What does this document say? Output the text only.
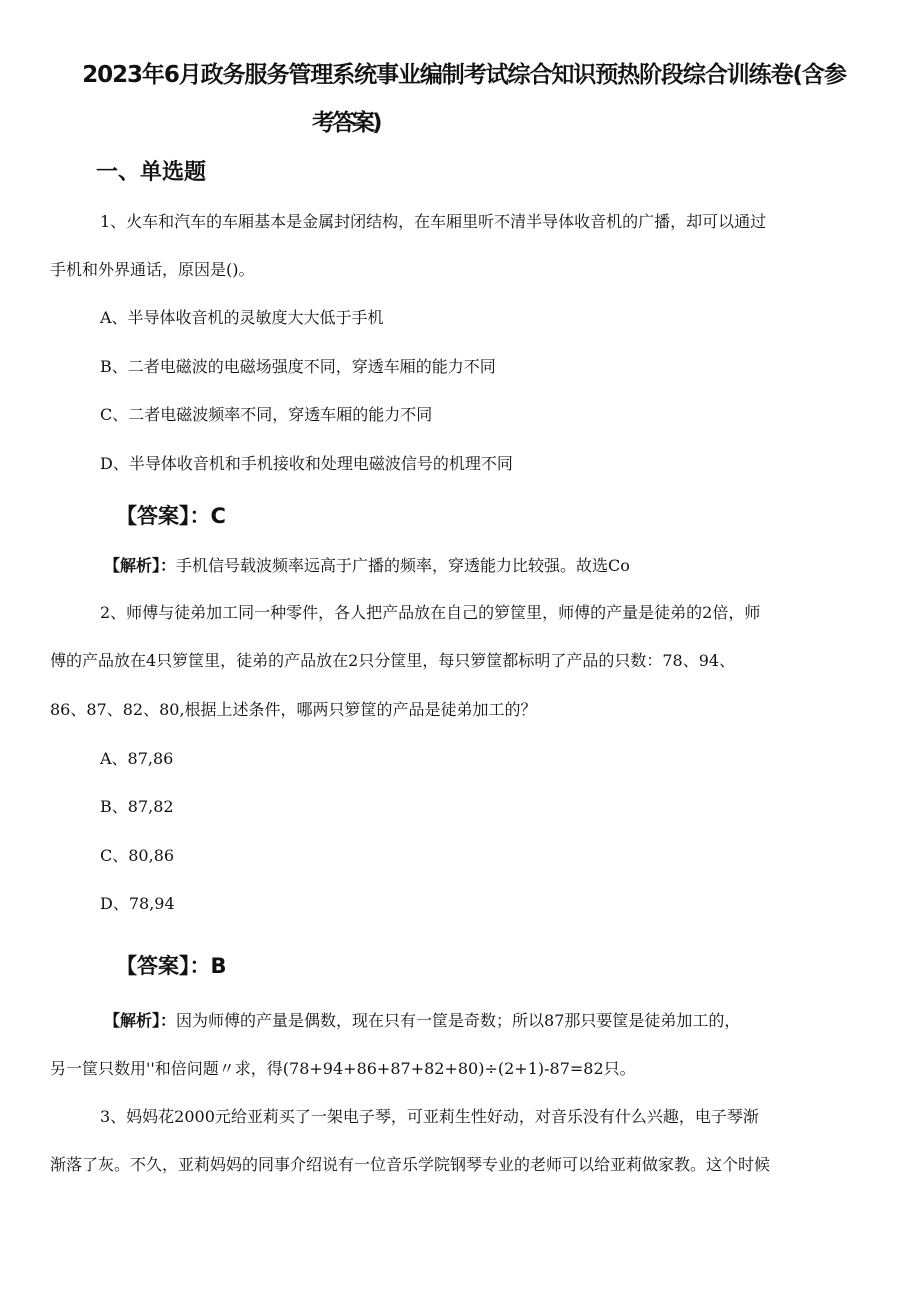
2023年6月政务服务管理系统事业编制考试综合知识预热阶段综合训练卷(含参
考答案)
一、单选题
1、火车和汽车的车厢基本是金属封闭结构，在车厢里听不清半导体收音机的广播，却可以通过
手机和外界通话，原因是()。
A、半导体收音机的灵敏度大大低于手机
B、二者电磁波的电磁场强度不同，穿透车厢的能力不同
C、二者电磁波频率不同，穿透车厢的能力不同
D、半导体收音机和手机接收和处理电磁波信号的机理不同
【答案】：C
【解析】：手机信号载波频率远高于广播的频率，穿透能力比较强。故选Co
2、师傅与徒弟加工同一种零件，各人把产品放在自己的箩筐里，师傅的产量是徒弟的2倍，师
傅的产品放在4只箩筐里，徒弟的产品放在2只分筐里，每只箩筐都标明了产品的只数：78、94、
86、87、82、80,根据上述条件，哪两只箩筐的产品是徒弟加工的？
A、87,86
B、87,82
C、80,86
D、78,94
【答案】：B
【解析】：因为师傅的产量是偶数，现在只有一筐是奇数；所以87那只要筐是徒弟加工的，
另一筐只数用''和倍问题〃求，得(78+94+86+87+82+80)÷(2+1)-87=82只。
3、妈妈花2000元给亚莉买了一架电子琴，可亚莉生性好动，对音乐没有什么兴趣，电子琴渐
渐落了灰。不久，亚莉妈妈的同事介绍说有一位音乐学院钢琴专业的老师可以给亚莉做家教。这个时候
